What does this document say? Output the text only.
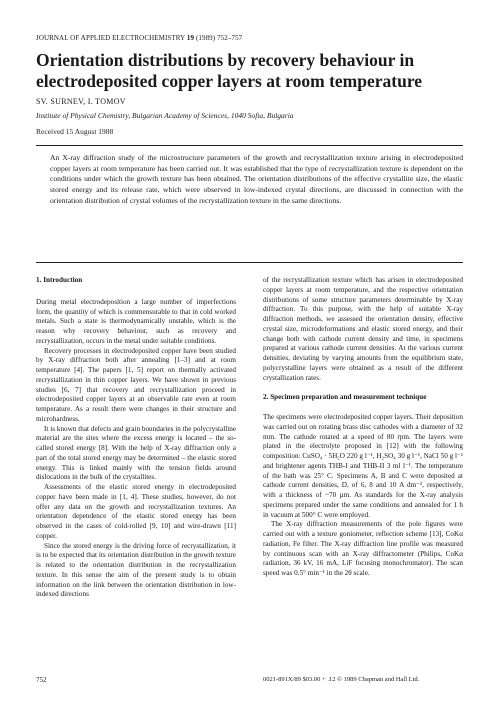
JOURNAL OF APPLIED ELECTROCHEMISTRY 19 (1989) 752–757
Orientation distributions by recovery behaviour in electrodeposited copper layers at room temperature
SV. SURNEV, I. TOMOV
Institute of Physical Chemistry, Bulgarian Academy of Sciences, 1040 Sofia, Bulgaria
Received 15 August 1988
An X-ray diffraction study of the microstructure parameters of the growth and recrystallization texture arising in electrodeposited copper layers at room temperature has been carried out. It was established that the type of recrystallization texture is dependent on the conditions under which the growth texture has been obtained. The orientation distributions of the effective crystallite size, the elastic stored energy and its release rate, which were observed in low-indexed crystal directions, are discussed in connection with the orientation distribution of crystal volumes of the recrystallization texture in the same directions.
1. Introduction

During metal electrodeposition a large number of imperfections form, the quantity of which is commensurable to that in cold worked metals. Such a state is thermodynamically unstable, which is the reason why recovery behaviour, such as recovery and recrystallization, occurs in the metal under suitable conditions.

Recovery processes in electrodeposited copper have been studied by X-ray diffraction both after annealing [1–3] and at room temperature [4]. The papers [1, 5] report on thermally activated recrystallization in thin copper layers. We have shown in previous studies [6, 7] that recovery and recrystallization proceed in electrodeposited copper layers at an observable rate even at room temperature. As a result there were changes in their structure and microhardness.

It is known that defects and grain boundaries in the polycrystalline material are the sites where the excess energy is located – the so-called stored energy [8]. With the help of X-ray diffraction only a part of the total stored energy may be determined – the elastic stored energy. This is linked mainly with the tension fields around dislocations in the bulk of the crystallites.

Assessments of the elastic stored energy in electrodeposited copper have been made in [1, 4]. These studies, however, do not offer any data on the growth and recrystallization textures. An orientation dependence of the elastic stored energy has been observed in the cases of cold-rolled [9, 10] and wire-drawn [11] copper.

Since the stored energy is the driving force of recrystallization, it is to be expected that its orientation distribution in the growth texture is related to the orientation distribution in the recrystallization texture. In this sense the aim of the present study is to obtain information on the link between the orientation distribution in low-indexed directions

of the recrystallization texture which has arisen in electrodeposited copper layers at room temperature, and the respective orientation distributions of some structure parameters determinable by X-ray diffraction. To this purpose, with the help of suitable X-ray diffraction methods, we assessed the orientation density, effective crystal size, microdeformations and elastic stored energy, and their change both with cathode current density and time, in specimens prepared at various cathode current densities. At the various current densities, deviating by varying amounts from the equilibrium state, polycrystalline layers were obtained as a result of the different crystallization rates.

2. Specimen preparation and measurement technique

The specimens were electrodeposited copper layers. Their deposition was carried out on rotating brass disc cathodes with a diameter of 32 mm. The cathode rotated at a speed of 80 rpm. The layers were plated in the electrolyte proposed in [12] with the following composition: CuSO₄ · 5H₂O 220 g l⁻¹, H₂SO₄ 30 g l⁻¹, NaCl 50 g l⁻¹ and brightener agents THB-I and THB-II 3 ml l⁻¹. The temperature of the bath was 25° C. Specimens A, B and C were deposited at cathode current densities, D, of 6, 8 and 10 A dm⁻², respectively, with a thickness of ~70 µm. As standards for the X-ray analysis specimens prepared under the same conditions and annealed for 1 h in vacuum at 500° C were employed.

The X-ray diffraction measurements of the pole figures were carried out with a texture goniometer, reflection scheme [13], CoKα radiation, Fe filter. The X-ray diffraction line profile was measured by continuous scan with an X-ray diffractometer (Philips, CoKα radiation, 36 kV, 16 mA, LiF focusing monochromator). The scan speed was 0.5° min⁻¹ in the 2θ scale.

752	0021-891X/89 $03.00 + .12 © 1989 Chapman and Hall Ltd.
